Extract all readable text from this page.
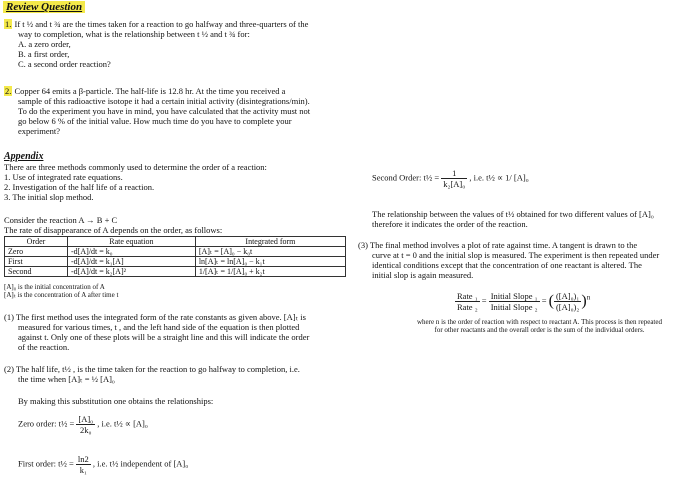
Review Question
1. If t ½ and t ¾ are the times taken for a reaction to go halfway and three-quarters of the
way to completion, what is the relationship between t ½ and t ¾ for:
A. a zero order,
B. a first order,
C. a second order reaction?
2. Copper 64 emits a β-particle. The half-life is 12.8 hr. At the time you received a
sample of this radioactive isotope it had a certain initial activity (disintegrations/min).
To do the experiment you have in mind, you have calculated that the activity must not
go below 6 % of the initial value. How much time do you have to complete your
experiment?
Appendix
There are three methods commonly used to determine the order of a reaction:
1. Use of integrated rate equations.
2. Investigation of the half life of a reaction.
3. The initial slop method.
Consider the reaction A → B + C
The rate of disappearance of A depends on the order, as follows:
Order	Rate equation	Integrated form
Zero	-d[A]/dt = k₀	[A]ₜ = [A]₀ − k₀t
First	-d[A]/dt = k₁[A]	ln[A]ₜ = ln[A]₀ − k₁t
Second	-d[A]/dt = k₂[A]²	1/[A]ₜ = 1/[A]₀ + k₂t
[A]₀ is the initial concentration of A
[A]ₜ is the concentration of A after time t
(1) The first method uses the integrated form of the rate constants as given above. [A]ₜ is
measured for various times, t , and the left hand side of the equation is then plotted
against t. Only one of these plots will be a straight line and this will indicate the order
of the reaction.
(2) The half life, t½ , is the time taken for the reaction to go halfway to completion, i.e.
the time when [A]ₜ = ½ [A]₀
By making this substitution one obtains the relationships:
Zero order: t½ = $\frac{\text{[A]₀}}{\text{2k₀}}$ , i.e. t½ ∝ [A]₀
First order: t½ = $\frac{\ln 2}{\text{k₁}}$ , i.e. t½ independent of [A]₀
Second Order: t½ = $\frac{1}{\text{k₂[A]₀}}$ , i.e. t½ ∝ 1/ [A]₀
The relationship between the values of t½ obtained for two different values of [A]₀
therefore it indicates the order of the reaction.
(3) The final method involves a plot of rate against time. A tangent is drawn to the
curve at t = 0 and the initial slop is measured. The experiment is then repeated under
identical conditions except that the concentration of one reactant is altered. The
initial slop is again measured.
$\frac{\text{Rate ₁}}{\text{Rate ₂}} = \frac{\text{Initial Slope ₁}}{\text{Initial Slope ₂}}$ = ( $\frac{\text{([A]₀)₁}}{\text{([A]₀)₂}} )^n$
where n is the order of reaction with respect to reactant A. This process is then repeated
for other reactants and the overall order is the sum of the individual orders.
